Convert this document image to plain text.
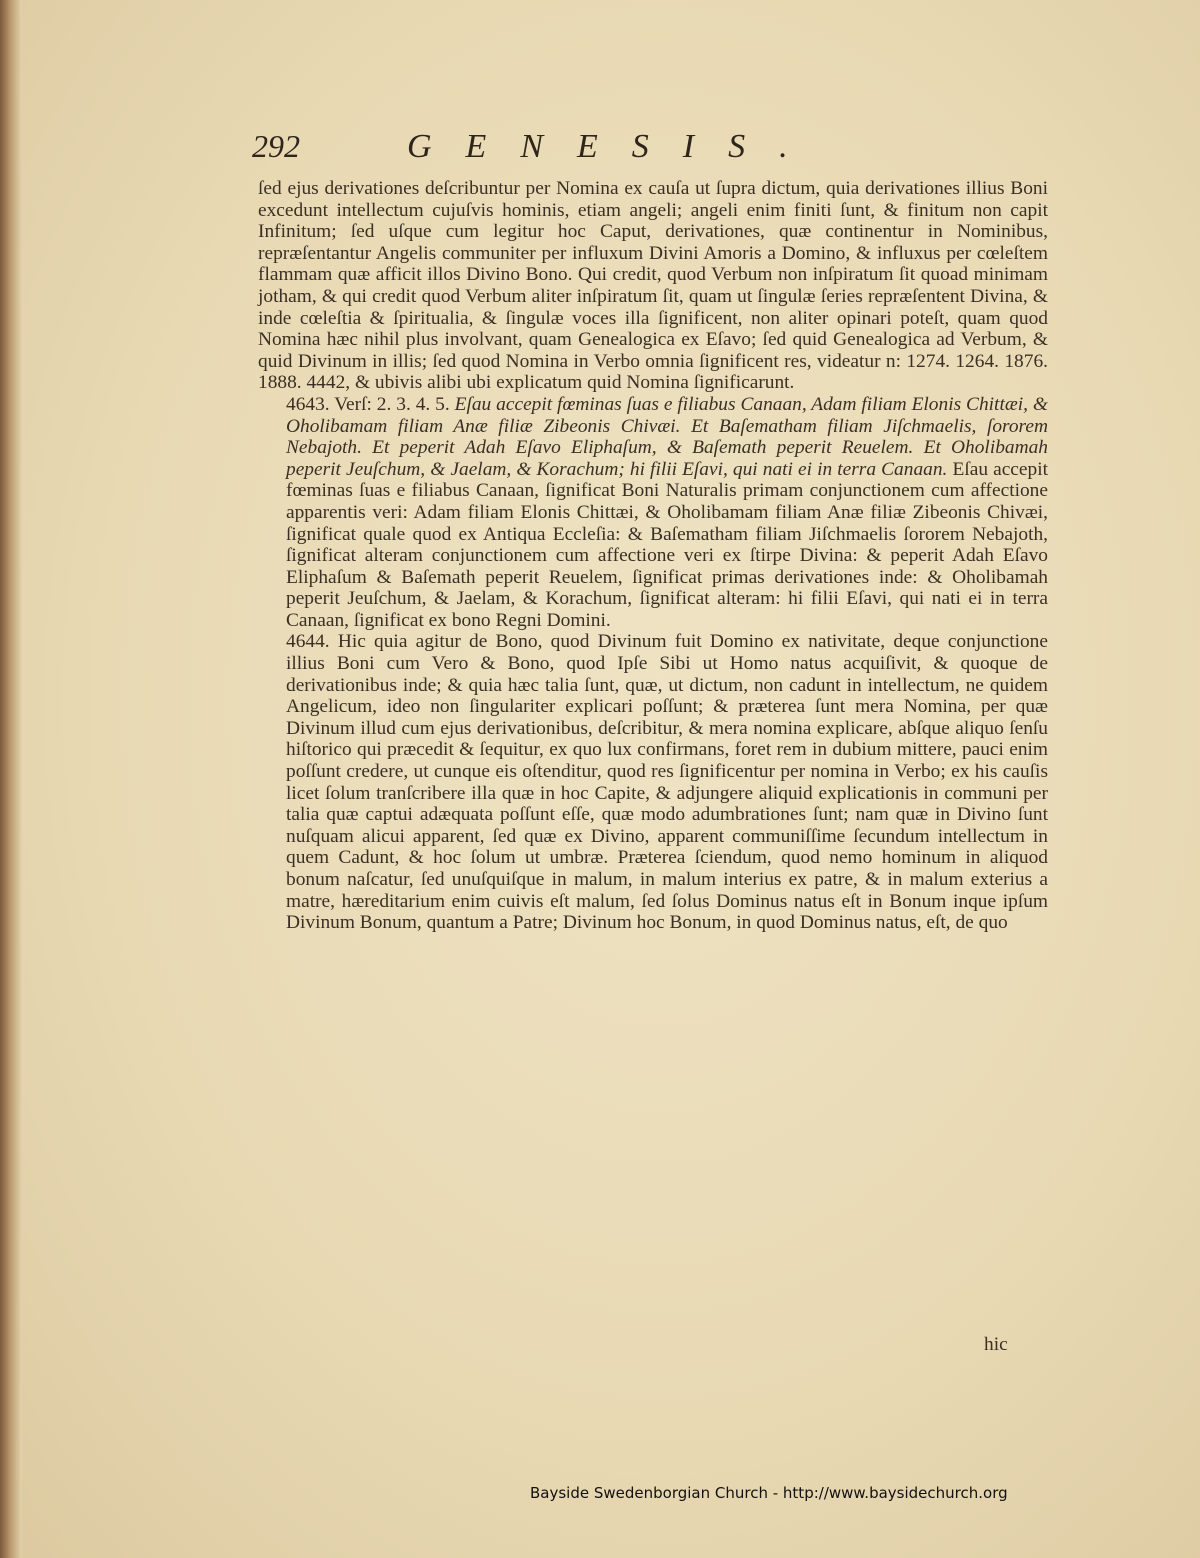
292	GENESIS.

ſed ejus derivationes deſcribuntur per Nomina ex cauſa ut ſupra dictum, quia derivationes illius Boni excedunt intellectum cujuſvis hominis, etiam angeli; angeli enim finiti ſunt, & finitum non capit Infinitum; ſed uſque cum legitur hoc Caput, derivationes, quæ continentur in Nominibus, repræſentantur Angelis communiter per influxum Divini Amoris a Domino, & influxus per cœleſtem flammam quæ afficit illos Divino Bono. Qui credit, quod Verbum non inſpiratum ſit quoad minimam jotham, & qui credit quod Verbum aliter inſpiratum ſit, quam ut ſingulæ ſeries repræſentent Divina, & inde cœleſtia & ſpiritualia, & ſingulæ voces illa ſignificent, non aliter opinari poteſt, quam quod Nomina hæc nihil plus involvant, quam Genealogica ex Eſavo; ſed quid Genealogica ad Verbum, & quid Divinum in illis; ſed quod Nomina in Verbo omnia ſignificent res, videatur n: 1274. 1264. 1876. 1888. 4442, & ubivis alibi ubi explicatum quid Nomina ſignificarunt.

4643. Verſ: 2. 3. 4. 5. Eſau accepit fœminas ſuas e filiabus Canaan, Adam filiam Elonis Chittæi, & Oholibamam filiam Anæ filiæ Zibeonis Chivæi. Et Baſematham filiam Jiſchmaelis, ſororem Nebajoth. Et peperit Adah Eſavo Eliphaſum, & Baſemath peperit Reuelem. Et Oholibamah peperit Jeuſchum, & Jaelam, & Korachum; hi filii Eſavi, qui nati ei in terra Canaan. Eſau accepit fœminas ſuas e filiabus Canaan, ſignificat Boni Naturalis primam conjunctionem cum affectione apparentis veri: Adam filiam Elonis Chittæi, & Oholibamam filiam Anæ filiæ Zibeonis Chivæi, ſignificat quale quod ex Antiqua Eccleſia: & Baſematham filiam Jiſchmaelis ſororem Nebajoth, ſignificat alteram conjunctionem cum affectione veri ex ſtirpe Divina: & peperit Adah Eſavo Eliphaſum & Baſemath peperit Reuelem, ſignificat primas derivationes inde: & Oholibamah peperit Jeuſchum, & Jaelam, & Korachum, ſignificat alteram: hi filii Eſavi, qui nati ei in terra Canaan, ſignificat ex bono Regni Domini.

4644. Hic quia agitur de Bono, quod Divinum fuit Domino ex nativitate, deque conjunctione illius Boni cum Vero & Bono, quod Ipſe Sibi ut Homo natus acquiſivit, & quoque de derivationibus inde; & quia hæc talia ſunt, quæ, ut dictum, non cadunt in intellectum, ne quidem Angelicum, ideo non ſingulariter explicari poſſunt; & præterea ſunt mera Nomina, per quæ Divinum illud cum ejus derivationibus, deſcribitur, & mera nomina explicare, abſque aliquo ſenſu hiſtorico qui præcedit & ſequitur, ex quo lux confirmans, foret rem in dubium mittere, pauci enim poſſunt credere, ut cunque eis oſtenditur, quod res ſignificentur per nomina in Verbo; ex his cauſis licet ſolum tranſcribere illa quæ in hoc Capite, & adjungere aliquid explicationis in communi per talia quæ captui adæquata poſſunt eſſe, quæ modo adumbrationes ſunt; nam quæ in Divino ſunt nuſquam alicui apparent, ſed quæ ex Divino, apparent communiſſime ſecundum intellectum in quem Cadunt, & hoc ſolum ut umbræ. Præterea ſciendum, quod nemo hominum in aliquod bonum naſcatur, ſed unuſquiſque in malum, in malum interius ex patre, & in malum exterius a matre, hæreditarium enim cuivis eſt malum, ſed ſolus Dominus natus eſt in Bonum inque ipſum Divinum Bonum, quantum a Patre; Divinum hoc Bonum, in quod Dominus natus, eſt, de quo

hic
Bayside Swedenborgian Church - http://www.baysidechurch.org
